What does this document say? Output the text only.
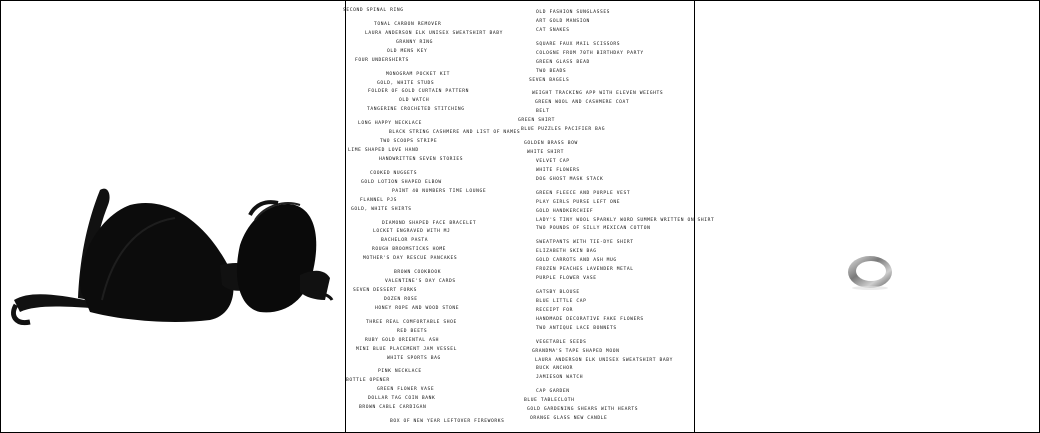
SECOND SPINAL RING	OLD FASHION SUNGLASSES
TONAL CARBON REMOVER
ART GOLD MANSION
LAURA ANDERSON ELK UNISEX SWEATSHIRT BABY
CAT SNAKES
GRANNY RING	SQUARE FAUX MAIL SCISSORS
OLD MENS KEY	COLOGNE FROM 70TH BIRTHDAY PARTY
FOUR UNDERSHIRTS	GREEN GLASS BEAD
MONOGRAM POCKET KIT
TWO BEADS
GOLD, WHITE STUDS
SEVEN BAGELS
FOLDER OF GOLD CURTAIN PATTERN	WEIGHT TRACKING APP WITH ELEVEN WEIGHTS
OLD WATCH	GREEN WOOL AND CASHMERE COAT
TANGERINE CROCHETED STITCHING	BELT
LONG HAPPY NECKLACE
GREEN SHIRT
BLACK STRING CASHMERE AND LIST OF NAMES
BLUE PUZZLES PACIFIER BAG
TWO SCOOPS STRIPE	GOLDEN BRASS BOW
LIME SHAPED LOVE HAND	WHITE SHIRT
HANDWRITTEN SEVEN STORIES	VELVET CAP
COOKED NUGGETS
WHITE FLOWERS
GOLD LOTION SHAPED ELBOW
DOG GHOST MASK STACK
PAINT 40 NUMBERS TIME LOUNGE	GREEN FLEECE AND PURPLE VEST
FLANNEL PJS	PLAY GIRLS PURSE LEFT ONE
GOLD, WHITE SHIRTS	GOLD HANDKERCHIEF
DIAMOND SHAPED FACE BRACELET
LADY'S TINY WOOL SPARKLY WORD SUMMER WRITTEN ON SHIRT
LOCKET ENGRAVED WITH MJ
TWO POUNDS OF SILLY MEXICAN COTTON
BACHELOR PASTA	SWEATPANTS WITH TIE-DYE SHIRT
ROUGH BROOMSTICKS HOME	ELIZABETH SKIN BAG
MOTHER'S DAY RESCUE PANCAKES	GOLD CARROTS AND ASH MUG
BROWN COOKBOOK
FROZEN PEACHES LAVENDER METAL
VALENTINE'S DAY CARDS
PURPLE FLOWER VASE
SEVEN DESSERT FORKS	GATSBY BLOUSE
DOZEN ROSE	BLUE LITTLE CAP
HONEY ROPE AND WOOD STONE	RECEIPT FOR
THREE REAL COMFORTABLE SHOE
HANDMADE DECORATIVE FAKE FLOWERS
RED BEETS
TWO ANTIQUE LACE BONNETS
RUBY GOLD ORIENTAL ASH	VEGETABLE SEEDS
MINI BLUE PLACEMENT JAM VESSEL	GRANDMA'S TAPE SHAPED MOON
WHITE SPORTS BAG	LAURA ANDERSON ELK UNISEX SWEATSHIRT BABY
PINK NECKLACE
BUCK ANCHOR
BOTTLE OPENER
JAMIESON WATCH
GREEN FLOWER VASE	CAP GARDEN
DOLLAR TAG COIN BANK	BLUE TABLECLOTH
BROWN CABLE CARDIGAN	GOLD GARDENING SHEARS WITH HEARTS
BOX OF NEW YEAR LEFTOVER FIREWORKS
ORANGE GLASS NEW CANDLE
